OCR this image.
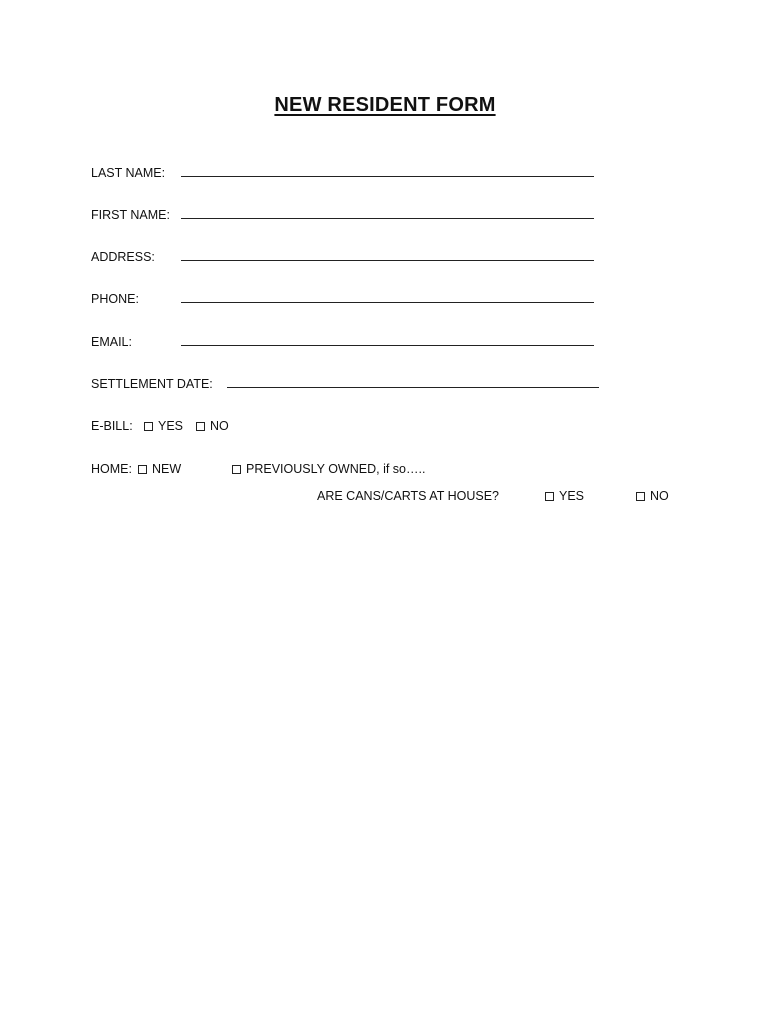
NEW RESIDENT FORM
LAST NAME:
FIRST NAME:
ADDRESS:
PHONE:
EMAIL:
SETTLEMENT DATE:
E-BILL: YES NO
HOME: NEW	PREVIOUSLY OWNED, if so…..
ARE CANS/CARTS AT HOUSE?	YES	NO
